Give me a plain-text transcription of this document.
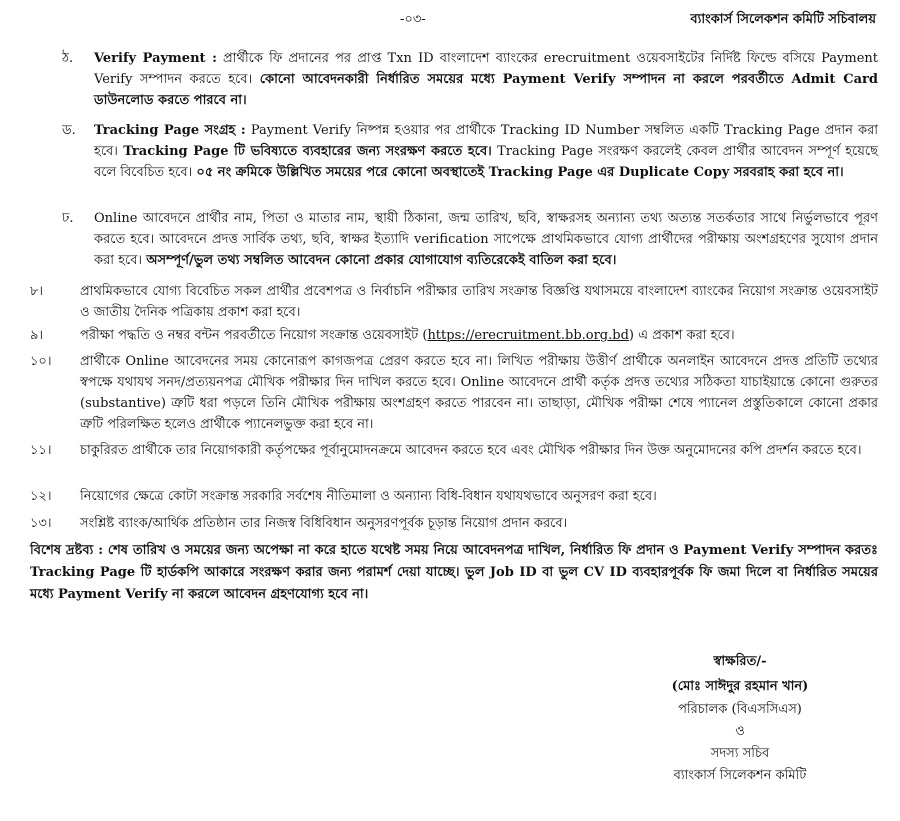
-০৩-	ব্যাংকার্স সিলেকশন কমিটি সচিবালয়
ঠ. Verify Payment : প্রার্থীকে ফি প্রদানের পর প্রাপ্ত Txn ID বাংলাদেশ ব্যাংকের erecruitment ওয়েবসাইটের নির্দিষ্ট ফিল্ডে বসিয়ে Payment Verify সম্পাদন করতে হবে। কোনো আবেদনকারী নির্ধারিত সময়ের মধ্যে Payment Verify সম্পাদন না করলে পরবর্তীতে Admit Card ডাউনলোড করতে পারবে না।
ড. Tracking Page সংগ্রহ : Payment Verify নিষ্পন্ন হওয়ার পর প্রার্থীকে Tracking ID Number সম্বলিত একটি Tracking Page প্রদান করা হবে। Tracking Page টি ভবিষ্যতে ব্যবহারের জন্য সংরক্ষণ করতে হবে। Tracking Page সংরক্ষণ করলেই কেবল প্রার্থীর আবেদন সম্পূর্ণ হয়েছে বলে বিবেচিত হবে। ০৫ নং ক্রমিকে উল্লিখিত সময়ের পরে কোনো অবস্থাতেই Tracking Page এর Duplicate Copy সরবরাহ করা হবে না।
ঢ. Online আবেদনে প্রার্থীর নাম, পিতা ও মাতার নাম, স্থায়ী ঠিকানা, জন্ম তারিখ, ছবি, স্বাক্ষরসহ অন্যান্য তথ্য অত্যন্ত সতর্কতার সাথে নির্ভুলভাবে পূরণ করতে হবে। আবেদনে প্রদত্ত সার্বিক তথ্য, ছবি, স্বাক্ষর ইত্যাদি verification সাপেক্ষে প্রাথমিকভাবে যোগ্য প্রার্থীদের পরীক্ষায় অংশগ্রহণের সুযোগ প্রদান করা হবে। অসম্পূর্ণ/ভুল তথ্য সম্বলিত আবেদন কোনো প্রকার যোগাযোগ ব্যতিরেকেই বাতিল করা হবে।
৮।	প্রাথমিকভাবে যোগ্য বিবেচিত সকল প্রার্থীর প্রবেশপত্র ও নির্বাচনি পরীক্ষার তারিখ সংক্রান্ত বিজ্ঞপ্তি যথাসময়ে বাংলাদেশ ব্যাংকের নিয়োগ সংক্রান্ত ওয়েবসাইট ও জাতীয় দৈনিক পত্রিকায় প্রকাশ করা হবে।
৯।	পরীক্ষা পদ্ধতি ও নম্বর বন্টন পরবর্তীতে নিয়োগ সংক্রান্ত ওয়েবসাইট (https://erecruitment.bb.org.bd) এ প্রকাশ করা হবে।
১০। প্রার্থীকে Online আবেদনের সময় কোনোরূপ কাগজপত্র প্রেরণ করতে হবে না। লিখিত পরীক্ষায় উত্তীর্ণ প্রার্থীকে অনলাইন আবেদনে প্রদত্ত প্রতিটি তথ্যের স্বপক্ষে যথাযথ সনদ/প্রত্যয়নপত্র মৌখিক পরীক্ষার দিন দাখিল করতে হবে। Online আবেদনে প্রার্থী কর্তৃক প্রদত্ত তথ্যের সঠিকতা যাচাইয়ান্তে কোনো গুরুতর (substantive) ত্রুটি ধরা পড়লে তিনি মৌখিক পরীক্ষায় অংশগ্রহণ করতে পারবেন না। তাছাড়া, মৌখিক পরীক্ষা শেষে প্যানেল প্রস্তুতিকালে কোনো প্রকার ত্রুটি পরিলক্ষিত হলেও প্রার্থীকে প্যানেলভুক্ত করা হবে না।
১১। চাকুরিরত প্রার্থীকে তার নিয়োগকারী কর্তৃপক্ষের পূর্বানুমোদনক্রমে আবেদন করতে হবে এবং মৌখিক পরীক্ষার দিন উক্ত অনুমোদনের কপি প্রদর্শন করতে হবে।
১২। নিয়োগের ক্ষেত্রে কোটা সংক্রান্ত সরকারি সর্বশেষ নীতিমালা ও অন্যান্য বিধি-বিধান যথাযথভাবে অনুসরণ করা হবে।
১৩। সংশ্লিষ্ট ব্যাংক/আর্থিক প্রতিষ্ঠান তার নিজস্ব বিধিবিধান অনুসরণপূর্বক চূড়ান্ত নিয়োগ প্রদান করবে।
বিশেষ দ্রষ্টব্য : শেষ তারিখ ও সময়ের জন্য অপেক্ষা না করে হাতে যথেষ্ট সময় নিয়ে আবেদনপত্র দাখিল, নির্ধারিত ফি প্রদান ও Payment Verify সম্পাদন করতঃ Tracking Page টি হার্ডকপি আকারে সংরক্ষণ করার জন্য পরামর্শ দেয়া যাচ্ছে। ভুল Job ID বা ভুল CV ID ব্যবহারপূর্বক ফি জমা দিলে বা নির্ধারিত সময়ের মধ্যে Payment Verify না করলে আবেদন গ্রহণযোগ্য হবে না।
স্বাক্ষরিত/-
(মোঃ সাঈদুর রহমান খান)
পরিচালক (বিএসসিএস)
ও
সদস্য সচিব
ব্যাংকার্স সিলেকশন কমিটি
